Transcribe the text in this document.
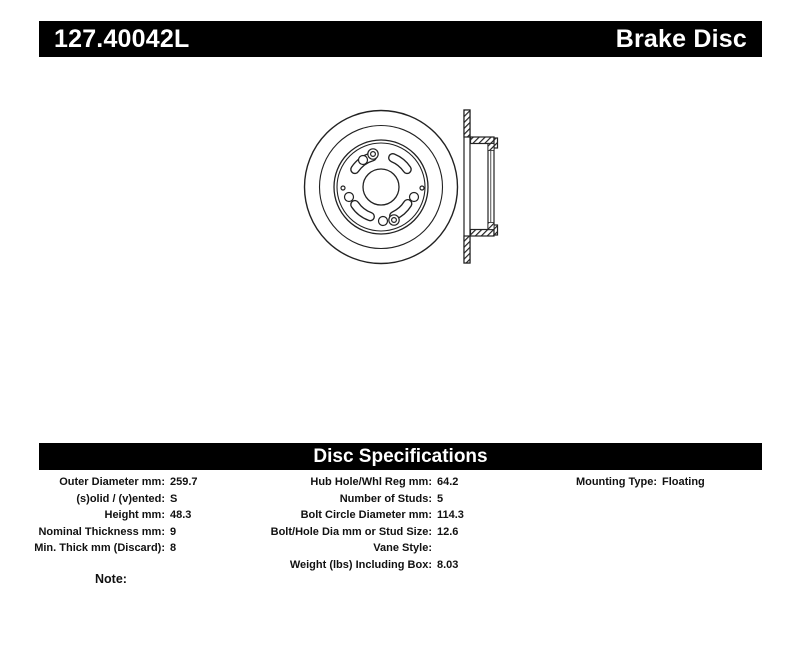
127.40042L	Brake Disc
Disc Specifications
Outer Diameter mm: 259.7
(s)olid / (v)ented: S
Height mm: 48.3
Nominal Thickness mm: 9
Min. Thick mm (Discard): 8
Hub Hole/Whl Reg mm: 64.2
Number of Studs: 5
Bolt Circle Diameter mm: 114.3
Bolt/Hole Dia mm or Stud Size: 12.6
Vane Style:
Weight (lbs) Including Box: 8.03
Mounting Type: Floating
Note:
